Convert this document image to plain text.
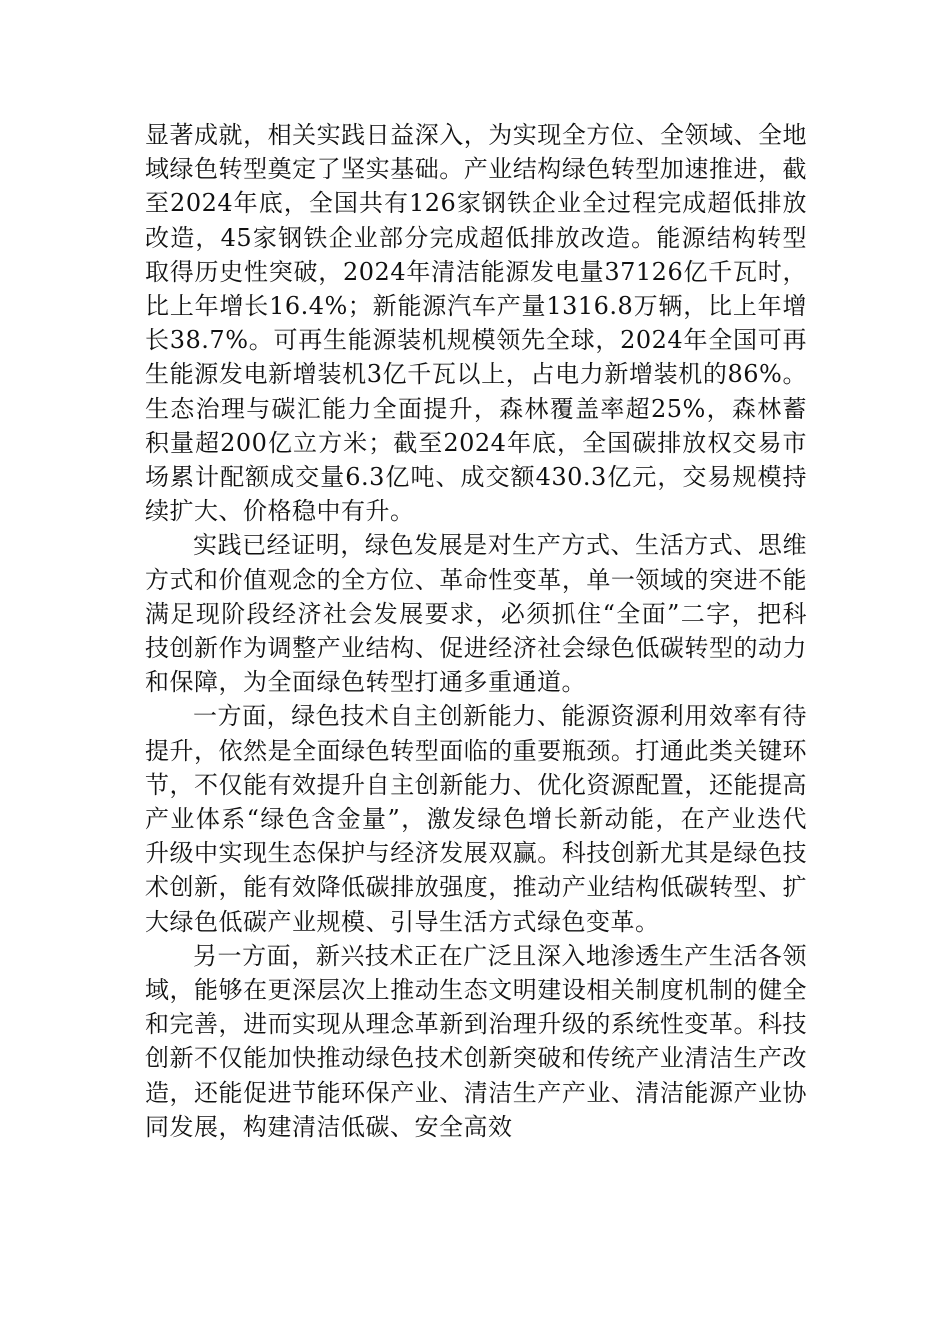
显著成就，相关实践日益深入，为实现全方位、全领域、全地域绿色转型奠定了坚实基础。产业结构绿色转型加速推进，截至2024年底，全国共有126家钢铁企业全过程完成超低排放改造，45家钢铁企业部分完成超低排放改造。能源结构转型取得历史性突破，2024年清洁能源发电量37126亿千瓦时，比上年增长16.4%；新能源汽车产量1316.8万辆，比上年增长38.7%。可再生能源装机规模领先全球，2024年全国可再生能源发电新增装机3亿千瓦以上，占电力新增装机的86%。生态治理与碳汇能力全面提升，森林覆盖率超25%，森林蓄积量超200亿立方米；截至2024年底，全国碳排放权交易市场累计配额成交量6.3亿吨、成交额430.3亿元，交易规模持续扩大、价格稳中有升。

实践已经证明，绿色发展是对生产方式、生活方式、思维方式和价值观念的全方位、革命性变革，单一领域的突进不能满足现阶段经济社会发展要求，必须抓住“全面”二字，把科技创新作为调整产业结构、促进经济社会绿色低碳转型的动力和保障，为全面绿色转型打通多重通道。

一方面，绿色技术自主创新能力、能源资源利用效率有待提升，依然是全面绿色转型面临的重要瓶颈。打通此类关键环节，不仅能有效提升自主创新能力、优化资源配置，还能提高产业体系“绿色含金量”，激发绿色增长新动能，在产业迭代升级中实现生态保护与经济发展双赢。科技创新尤其是绿色技术创新，能有效降低碳排放强度，推动产业结构低碳转型、扩大绿色低碳产业规模、引导生活方式绿色变革。

另一方面，新兴技术正在广泛且深入地渗透生产生活各领域，能够在更深层次上推动生态文明建设相关制度机制的健全和完善，进而实现从理念革新到治理升级的系统性变革。科技创新不仅能加快推动绿色技术创新突破和传统产业清洁生产改造，还能促进节能环保产业、清洁生产产业、清洁能源产业协同发展，构建清洁低碳、安全高效
